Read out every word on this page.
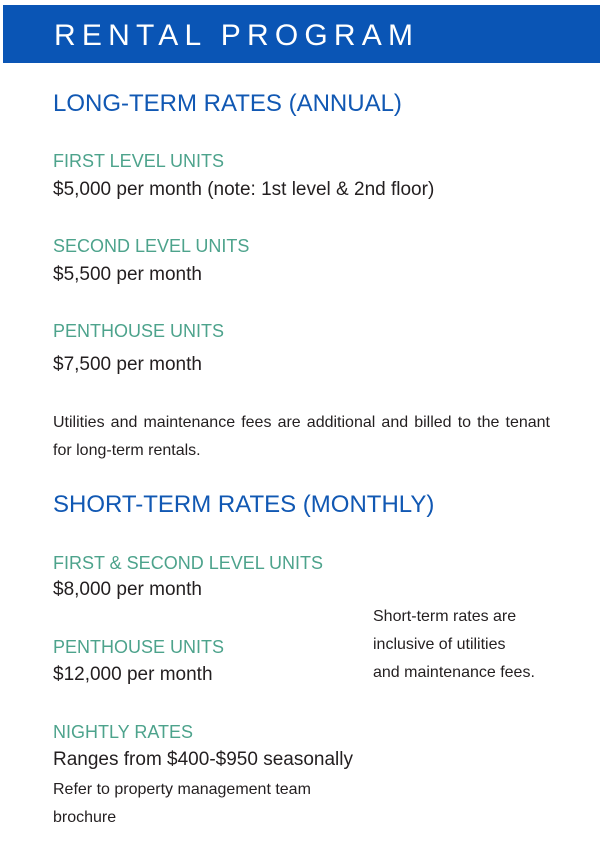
RENTAL PROGRAM
LONG-TERM RATES (ANNUAL)
FIRST LEVEL UNITS
$5,000 per month (note: 1st level & 2nd floor)
SECOND LEVEL UNITS
$5,500 per month
PENTHOUSE UNITS
$7,500 per month
Utilities and maintenance fees are additional and billed to the tenant for long-term rentals.
SHORT-TERM RATES (MONTHLY)
FIRST & SECOND LEVEL UNITS
$8,000 per month
Short-term rates are
inclusive of utilities
and maintenance fees.
PENTHOUSE UNITS
$12,000 per month
NIGHTLY RATES
Ranges from $400-$950 seasonally
Refer to property management team
brochure
